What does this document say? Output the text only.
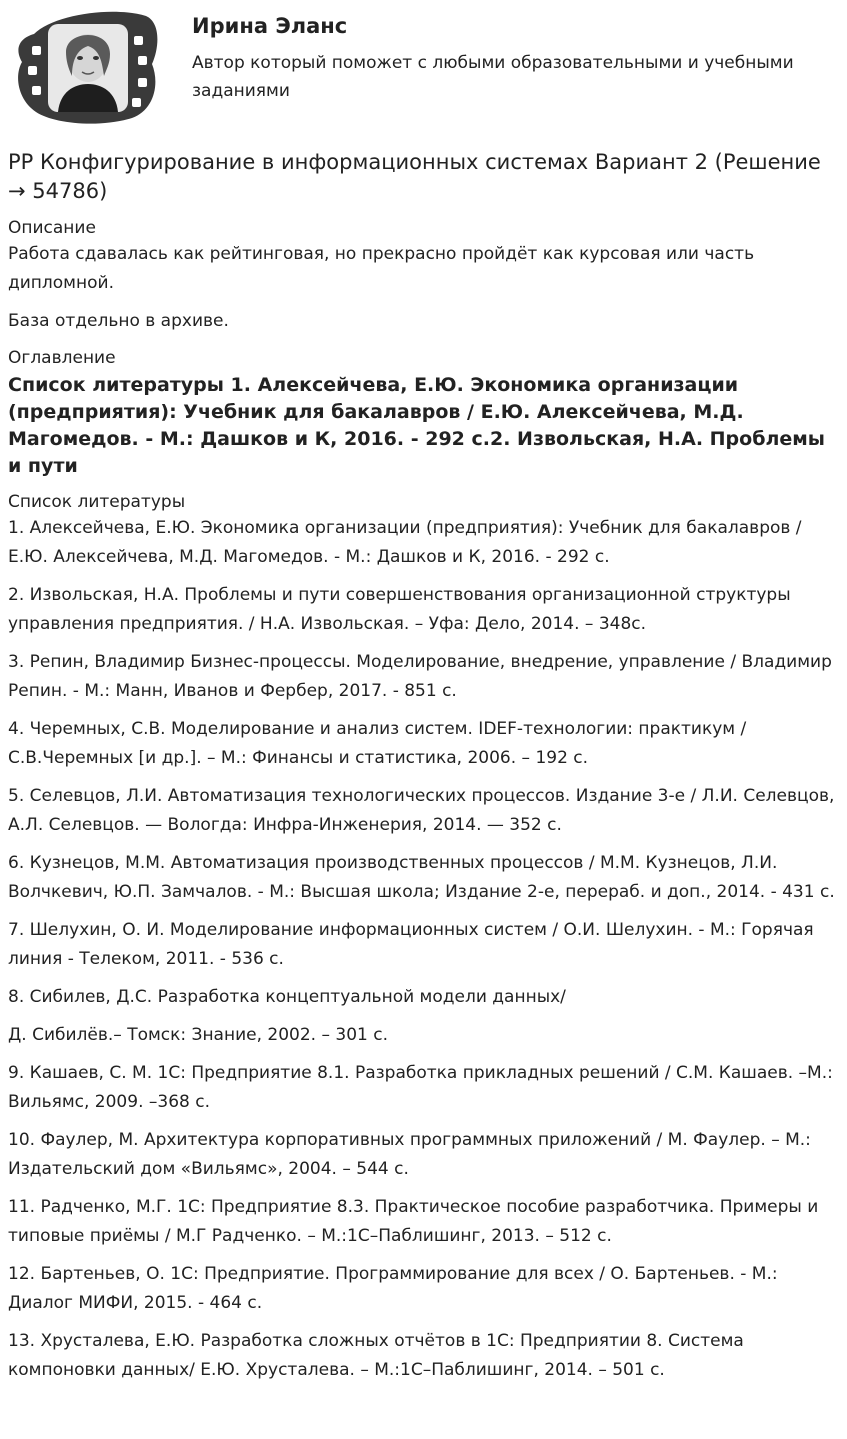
Ирина Эланс

Автор который поможет с любыми образовательными и учебными заданиями

РР Конфигурирование в информационных системах Вариант 2 (Решение → 54786)
Описание

Работа сдавалась как рейтинговая, но прекрасно пройдёт как курсовая или часть дипломной.

База отдельно в архиве.

Оглавление
Список литературы 1. Алексейчева, Е.Ю. Экономика организации (предприятия): Учебник для бакалавров / Е.Ю. Алексейчева, М.Д. Магомедов. - М.: Дашков и К, 2016. - 292 с.2. Извольская, Н.А. Проблемы и пути
Список литературы

1. Алексейчева, Е.Ю. Экономика организации (предприятия): Учебник для бакалавров / Е.Ю. Алексейчева, М.Д. Магомедов. - М.: Дашков и К, 2016. - 292 с.

2. Извольская, Н.А. Проблемы и пути совершенствования организационной структуры управления предприятия. / Н.А. Извольская. – Уфа: Дело, 2014. – 348с.

3. Репин, Владимир Бизнес-процессы. Моделирование, внедрение, управление / Владимир Репин. - М.: Манн, Иванов и Фербер, 2017. - 851 с.

4. Черемных, С.В. Моделирование и анализ систем. IDEF-технологии: практикум / С.В.Черемных [и др.]. – М.: Финансы и статистика, 2006. – 192 с.

5. Селевцов, Л.И. Автоматизация технологических процессов. Издание 3-е / Л.И. Селевцов, А.Л. Селевцов. — Вологда: Инфра-Инженерия, 2014. — 352 с.

6. Кузнецов, М.М. Автоматизация производственных процессов / М.М. Кузнецов, Л.И. Волчкевич, Ю.П. Замчалов. - М.: Высшая школа; Издание 2-е, перераб. и доп., 2014. - 431 с.

7. Шелухин, О. И. Моделирование информационных систем / О.И. Шелухин. - М.: Горячая линия - Телеком, 2011. - 536 с.

8. Сибилев, Д.С. Разработка концептуальной модели данных/

Д. Сибилёв.– Томск: Знание, 2002. – 301 с.

9. Кашаев, С. М. 1С: Предприятие 8.1. Разработка прикладных решений / С.М. Кашаев. –М.: Вильямс, 2009. –368 с.

10. Фаулер, М. Архитектура корпоративных программных приложений / М. Фаулер. – М.: Издательский дом «Вильямс», 2004. – 544 с.

11. Радченко, М.Г. 1С: Предприятие 8.3. Практическое пособие разработчика. Примеры и типовые приёмы / М.Г Радченко. – М.:1С–Паблишинг, 2013. – 512 с.

12. Бартеньев, О. 1С: Предприятие. Программирование для всех / О. Бартеньев. - М.: Диалог МИФИ, 2015. - 464 с.

13. Хрусталева, Е.Ю. Разработка сложных отчётов в 1С: Предприятии 8. Система компоновки данных/ Е.Ю. Хрусталева. – М.:1С–Паблишинг, 2014. – 501 с.
